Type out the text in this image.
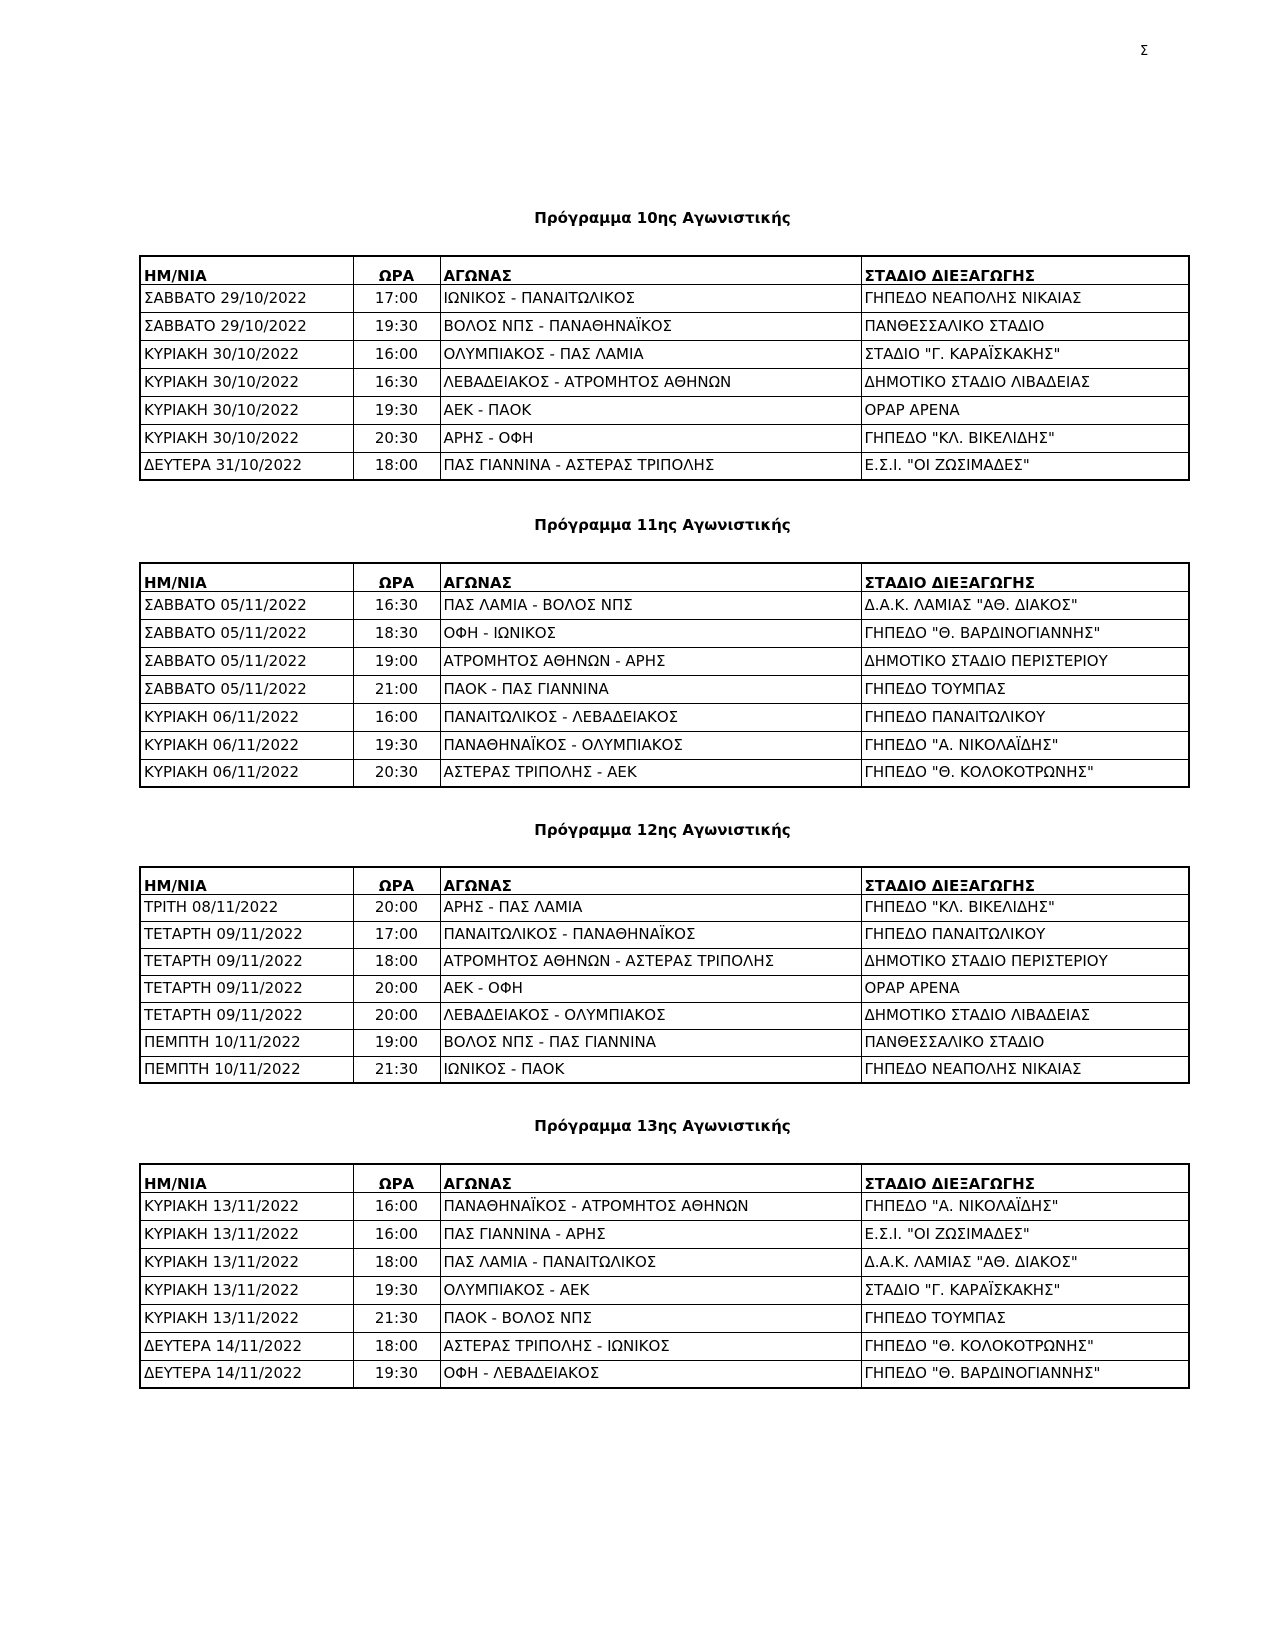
Σ
Πρόγραμμα 10ης Αγωνιστικής
ΗΜ/ΝΙΑ	ΩΡΑ	ΑΓΩΝΑΣ	ΣΤΑΔΙΟ ΔΙΕΞΑΓΩΓΗΣ
ΣΑΒΒΑΤΟ 29/10/2022	17:00	ΙΩΝΙΚΟΣ - ΠΑΝΑΙΤΩΛΙΚΟΣ	ΓΗΠΕΔΟ ΝΕΑΠΟΛΗΣ ΝΙΚΑΙΑΣ
ΣΑΒΒΑΤΟ 29/10/2022	19:30	ΒΟΛΟΣ ΝΠΣ - ΠΑΝΑΘΗΝΑΪΚΟΣ	ΠΑΝΘΕΣΣΑΛΙΚΟ ΣΤΑΔΙΟ
ΚΥΡΙΑΚΗ 30/10/2022	16:00	ΟΛΥΜΠΙΑΚΟΣ - ΠΑΣ ΛΑΜΙΑ	ΣΤΑΔΙΟ "Γ. ΚΑΡΑΪΣΚΑΚΗΣ"
ΚΥΡΙΑΚΗ 30/10/2022	16:30	ΛΕΒΑΔΕΙΑΚΟΣ - ΑΤΡΟΜΗΤΟΣ ΑΘΗΝΩΝ	ΔΗΜΟΤΙΚΟ ΣΤΑΔΙΟ ΛΙΒΑΔΕΙΑΣ
ΚΥΡΙΑΚΗ 30/10/2022	19:30	ΑΕΚ - ΠΑΟΚ	ΟΡΑΡ ΑΡΕΝΑ
ΚΥΡΙΑΚΗ 30/10/2022	20:30	ΑΡΗΣ - ΟΦΗ	ΓΗΠΕΔΟ "ΚΛ. ΒΙΚΕΛΙΔΗΣ"
ΔΕΥΤΕΡΑ 31/10/2022	18:00	ΠΑΣ ΓΙΑΝΝΙΝΑ - ΑΣΤΕΡΑΣ ΤΡΙΠΟΛΗΣ	Ε.Σ.Ι. "ΟΙ ΖΩΣΙΜΑΔΕΣ"
Πρόγραμμα 11ης Αγωνιστικής
ΗΜ/ΝΙΑ	ΩΡΑ	ΑΓΩΝΑΣ	ΣΤΑΔΙΟ ΔΙΕΞΑΓΩΓΗΣ
ΣΑΒΒΑΤΟ 05/11/2022	16:30	ΠΑΣ ΛΑΜΙΑ - ΒΟΛΟΣ ΝΠΣ	Δ.Α.Κ. ΛΑΜΙΑΣ "ΑΘ. ΔΙΑΚΟΣ"
ΣΑΒΒΑΤΟ 05/11/2022	18:30	ΟΦΗ - ΙΩΝΙΚΟΣ	ΓΗΠΕΔΟ "Θ. ΒΑΡΔΙΝΟΓΙΑΝΝΗΣ"
ΣΑΒΒΑΤΟ 05/11/2022	19:00	ΑΤΡΟΜΗΤΟΣ ΑΘΗΝΩΝ - ΑΡΗΣ	ΔΗΜΟΤΙΚΟ ΣΤΑΔΙΟ ΠΕΡΙΣΤΕΡΙΟΥ
ΣΑΒΒΑΤΟ 05/11/2022	21:00	ΠΑΟΚ - ΠΑΣ ΓΙΑΝΝΙΝΑ	ΓΗΠΕΔΟ ΤΟΥΜΠΑΣ
ΚΥΡΙΑΚΗ 06/11/2022	16:00	ΠΑΝΑΙΤΩΛΙΚΟΣ - ΛΕΒΑΔΕΙΑΚΟΣ	ΓΗΠΕΔΟ ΠΑΝΑΙΤΩΛΙΚΟΥ
ΚΥΡΙΑΚΗ 06/11/2022	19:30	ΠΑΝΑΘΗΝΑΪΚΟΣ - ΟΛΥΜΠΙΑΚΟΣ	ΓΗΠΕΔΟ "Α. ΝΙΚΟΛΑΪΔΗΣ"
ΚΥΡΙΑΚΗ 06/11/2022	20:30	ΑΣΤΕΡΑΣ ΤΡΙΠΟΛΗΣ - ΑΕΚ	ΓΗΠΕΔΟ "Θ. ΚΟΛΟΚΟΤΡΩΝΗΣ"
Πρόγραμμα 12ης Αγωνιστικής
ΗΜ/ΝΙΑ	ΩΡΑ	ΑΓΩΝΑΣ	ΣΤΑΔΙΟ ΔΙΕΞΑΓΩΓΗΣ
ΤΡΙΤΗ 08/11/2022	20:00	ΑΡΗΣ - ΠΑΣ ΛΑΜΙΑ	ΓΗΠΕΔΟ "ΚΛ. ΒΙΚΕΛΙΔΗΣ"
ΤΕΤΑΡΤΗ 09/11/2022	17:00	ΠΑΝΑΙΤΩΛΙΚΟΣ - ΠΑΝΑΘΗΝΑΪΚΟΣ	ΓΗΠΕΔΟ ΠΑΝΑΙΤΩΛΙΚΟΥ
ΤΕΤΑΡΤΗ 09/11/2022	18:00	ΑΤΡΟΜΗΤΟΣ ΑΘΗΝΩΝ - ΑΣΤΕΡΑΣ ΤΡΙΠΟΛΗΣ	ΔΗΜΟΤΙΚΟ ΣΤΑΔΙΟ ΠΕΡΙΣΤΕΡΙΟΥ
ΤΕΤΑΡΤΗ 09/11/2022	20:00	ΑΕΚ - ΟΦΗ	ΟΡΑΡ ΑΡΕΝΑ
ΤΕΤΑΡΤΗ 09/11/2022	20:00	ΛΕΒΑΔΕΙΑΚΟΣ - ΟΛΥΜΠΙΑΚΟΣ	ΔΗΜΟΤΙΚΟ ΣΤΑΔΙΟ ΛΙΒΑΔΕΙΑΣ
ΠΕΜΠΤΗ 10/11/2022	19:00	ΒΟΛΟΣ ΝΠΣ - ΠΑΣ ΓΙΑΝΝΙΝΑ	ΠΑΝΘΕΣΣΑΛΙΚΟ ΣΤΑΔΙΟ
ΠΕΜΠΤΗ 10/11/2022	21:30	ΙΩΝΙΚΟΣ - ΠΑΟΚ	ΓΗΠΕΔΟ ΝΕΑΠΟΛΗΣ ΝΙΚΑΙΑΣ
Πρόγραμμα 13ης Αγωνιστικής
ΗΜ/ΝΙΑ	ΩΡΑ	ΑΓΩΝΑΣ	ΣΤΑΔΙΟ ΔΙΕΞΑΓΩΓΗΣ
ΚΥΡΙΑΚΗ 13/11/2022	16:00	ΠΑΝΑΘΗΝΑΪΚΟΣ - ΑΤΡΟΜΗΤΟΣ ΑΘΗΝΩΝ	ΓΗΠΕΔΟ "Α. ΝΙΚΟΛΑΪΔΗΣ"
ΚΥΡΙΑΚΗ 13/11/2022	16:00	ΠΑΣ ΓΙΑΝΝΙΝΑ - ΑΡΗΣ	Ε.Σ.Ι. "ΟΙ ΖΩΣΙΜΑΔΕΣ"
ΚΥΡΙΑΚΗ 13/11/2022	18:00	ΠΑΣ ΛΑΜΙΑ - ΠΑΝΑΙΤΩΛΙΚΟΣ	Δ.Α.Κ. ΛΑΜΙΑΣ "ΑΘ. ΔΙΑΚΟΣ"
ΚΥΡΙΑΚΗ 13/11/2022	19:30	ΟΛΥΜΠΙΑΚΟΣ - ΑΕΚ	ΣΤΑΔΙΟ "Γ. ΚΑΡΑΪΣΚΑΚΗΣ"
ΚΥΡΙΑΚΗ 13/11/2022	21:30	ΠΑΟΚ - ΒΟΛΟΣ ΝΠΣ	ΓΗΠΕΔΟ ΤΟΥΜΠΑΣ
ΔΕΥΤΕΡΑ 14/11/2022	18:00	ΑΣΤΕΡΑΣ ΤΡΙΠΟΛΗΣ - ΙΩΝΙΚΟΣ	ΓΗΠΕΔΟ "Θ. ΚΟΛΟΚΟΤΡΩΝΗΣ"
ΔΕΥΤΕΡΑ 14/11/2022	19:30	ΟΦΗ - ΛΕΒΑΔΕΙΑΚΟΣ	ΓΗΠΕΔΟ "Θ. ΒΑΡΔΙΝΟΓΙΑΝΝΗΣ"
